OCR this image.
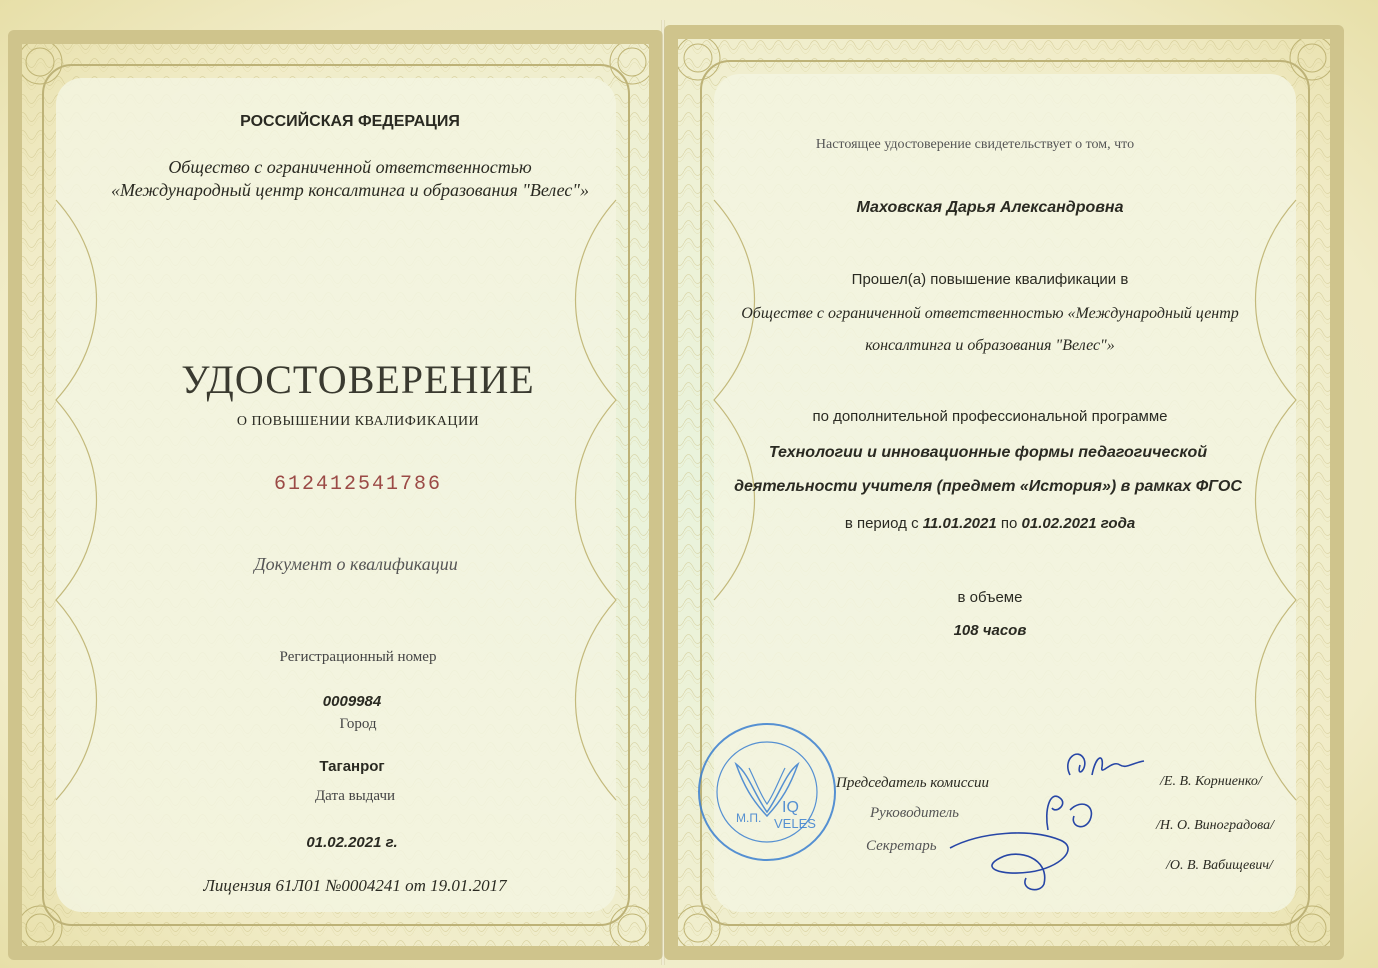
РОССИЙСКАЯ ФЕДЕРАЦИЯ
Общество с ограниченной ответственностью
«Международный центр консалтинга и образования "Велес"»
УДОСТОВЕРЕНИЕ
О ПОВЫШЕНИИ КВАЛИФИКАЦИИ
612412541786
Документ о квалификации
Регистрационный номер
0009984
Город
Таганрог
Дата выдачи
01.02.2021 г.
Лицензия 61Л01 №0004241 от 19.01.2017
Настоящее удостоверение свидетельствует о том, что
Маховская Дарья Александровна
Прошел(а) повышение квалификации в
Обществе с ограниченной ответственностью «Международный центр
консалтинга и образования "Велес"»
по дополнительной профессиональной программе
Технологии и инновационные формы педагогической
деятельности учителя (предмет «История») в рамках ФГОС
в период с 11.01.2021 по 01.02.2021 года
в объеме
108 часов
М.П.
IQ
VELES
Председатель комиссии	/Е. В. Корниенко/
Руководитель
/Н. О. Виноградова/
Секретарь
/О. В. Вабищевич/
